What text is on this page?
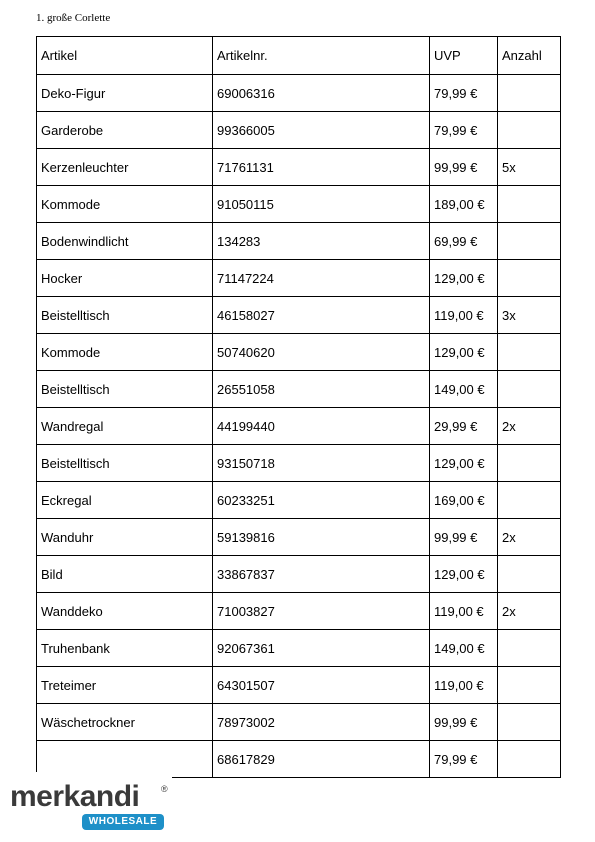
1. große Corlette
Artikel	Artikelnr.	UVP	Anzahl
Deko-Figur	69006316	79,99 €	
Garderobe	99366005	79,99 €	
Kerzenleuchter	71761131	99,99 €	5x
Kommode	91050115	189,00 €	
Bodenwindlicht	134283	69,99 €	
Hocker	71147224	129,00 €	
Beistelltisch	46158027	119,00 €	3x
Kommode	50740620	129,00 €	
Beistelltisch	26551058	149,00 €	
Wandregal	44199440	29,99 €	2x
Beistelltisch	93150718	129,00 €	
Eckregal	60233251	169,00 €	
Wanduhr	59139816	99,99 €	2x
Bild	33867837	129,00 €	
Wanddeko	71003827	119,00 €	2x
Truhenbank	92067361	149,00 €	
Treteimer	64301507	119,00 €	
Wäschetrockner	78973002	99,99 €	
	68617829	79,99 €	
merkandi ®
WHOLESALE
